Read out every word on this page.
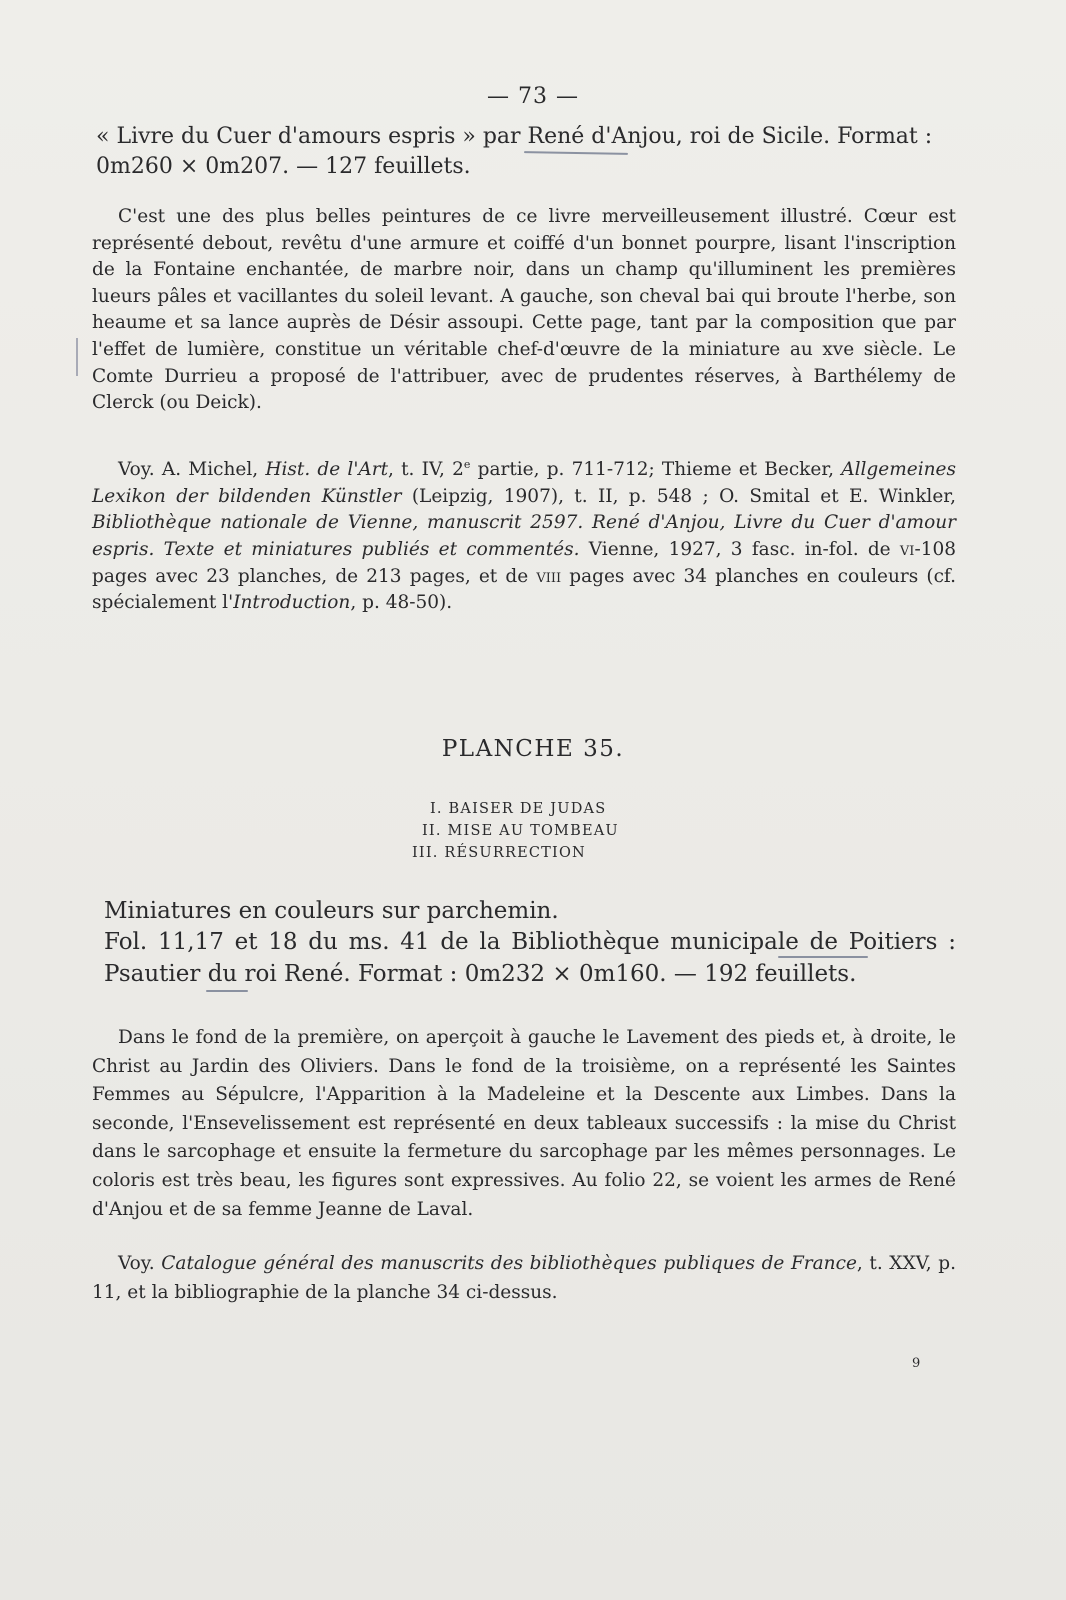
— 73 —
« Livre du Cuer d'amours espris » par René d'Anjou, roi de Sicile. Format :
0m260 × 0m207. — 127 feuillets.

C'est une des plus belles peintures de ce livre merveilleusement illustré. Cœur est représenté debout, revêtu d'une armure et coiffé d'un bonnet pourpre, lisant l'inscription de la Fontaine enchantée, de marbre noir, dans un champ qu'illuminent les premières lueurs pâles et vacillantes du soleil levant. A gauche, son cheval bai qui broute l'herbe, son heaume et sa lance auprès de Désir assoupi. Cette page, tant par la composition que par l'effet de lumière, constitue un véritable chef-d'œuvre de la miniature au xve siècle. Le Comte Durrieu a proposé de l'attribuer, avec de prudentes réserves, à Barthélemy de Clerck (ou Deick).

Voy. A. Michel, Hist. de l'Art, t. IV, 2e partie, p. 711-712; Thieme et Becker, Allgemeines Lexikon der bildenden Künstler (Leipzig, 1907), t. II, p. 548 ; O. Smital et E. Winkler, Bibliothèque nationale de Vienne, manuscrit 2597. René d'Anjou, Livre du Cuer d'amour espris. Texte et miniatures publiés et commentés. Vienne, 1927, 3 fasc. in-fol. de vi-108 pages avec 23 planches, de 213 pages, et de viii pages avec 34 planches en couleurs (cf. spécialement l'Introduction, p. 48-50).

PLANCHE 35.
I. BAISER DE JUDAS
II. MISE AU TOMBEAU
III. RÉSURRECTION
Miniatures en couleurs sur parchemin.
Fol. 11,17 et 18 du ms. 41 de la Bibliothèque municipale de Poitiers : Psautier du roi René. Format : 0m232 × 0m160. — 192 feuillets.

Dans le fond de la première, on aperçoit à gauche le Lavement des pieds et, à droite, le Christ au Jardin des Oliviers. Dans le fond de la troisième, on a représenté les Saintes Femmes au Sépulcre, l'Apparition à la Madeleine et la Descente aux Limbes. Dans la seconde, l'Ensevelissement est représenté en deux tableaux successifs : la mise du Christ dans le sarcophage et ensuite la fermeture du sarcophage par les mêmes personnages. Le coloris est très beau, les figures sont expressives. Au folio 22, se voient les armes de René d'Anjou et de sa femme Jeanne de Laval.

Voy. Catalogue général des manuscrits des bibliothèques publiques de France, t. XXV, p. 11, et la bibliographie de la planche 34 ci-dessus.

9
